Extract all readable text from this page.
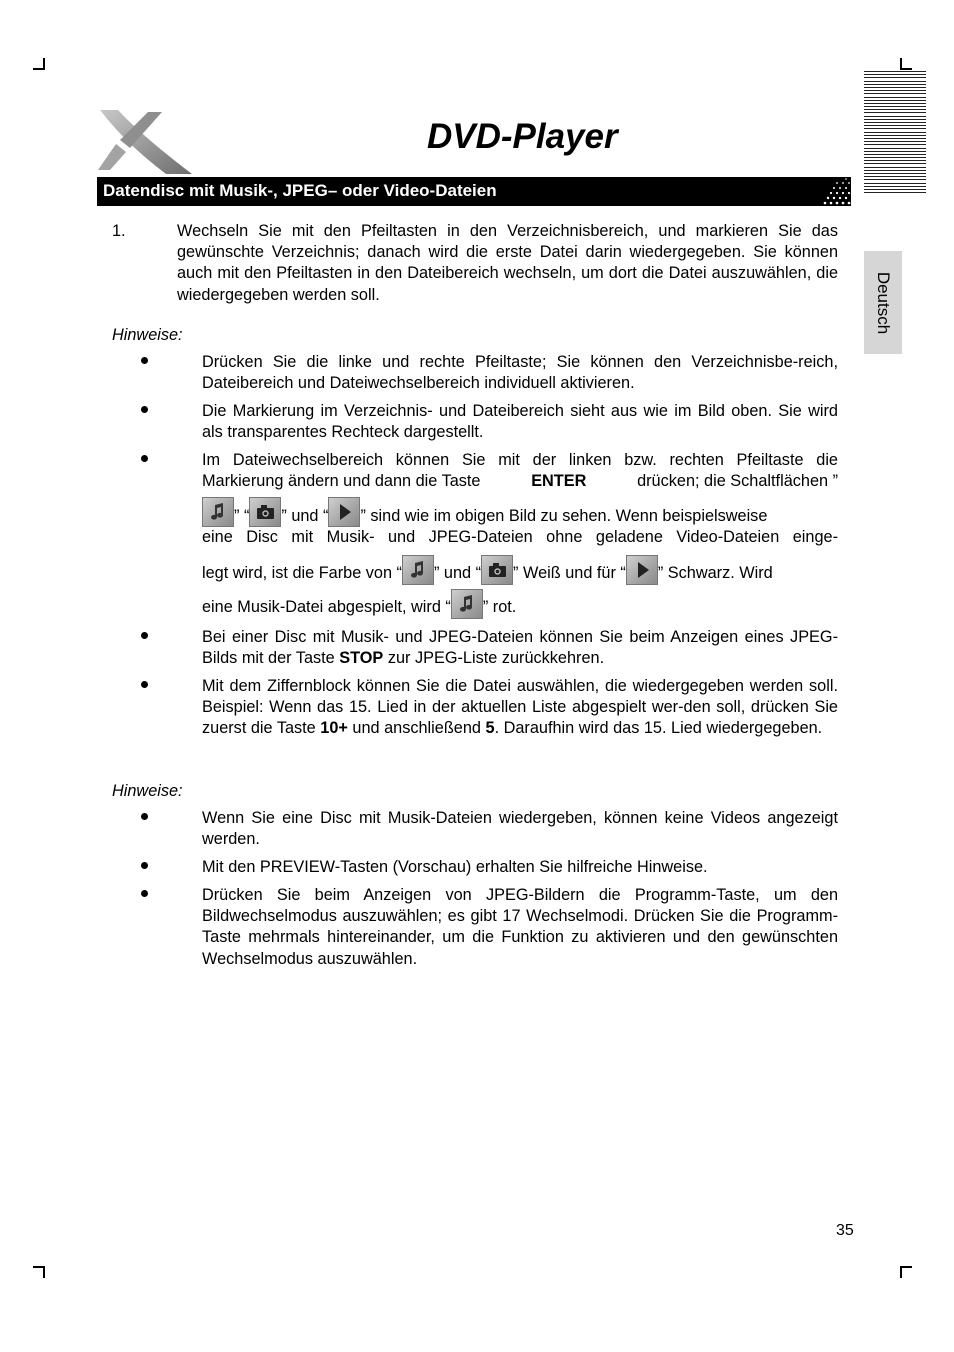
DVD-Player
Datendisc mit Musik-, JPEG– oder Video-Dateien
Deutsch
1.	Wechseln Sie mit den Pfeiltasten in den Verzeichnisbereich, und markieren Sie das gewünschte Verzeichnis; danach wird die erste Datei darin wiedergegeben. Sie können auch mit den Pfeiltasten in den Dateibereich wechseln, um dort die Datei auszuwählen, die wiedergegeben werden soll.
Hinweise:
Drücken Sie die linke und rechte Pfeiltaste; Sie können den Verzeichnisbe-reich, Dateibereich und Dateiwechselbereich individuell aktivieren.
Die Markierung im Verzeichnis- und Dateibereich sieht aus wie im Bild oben. Sie wird als transparentes Rechteck dargestellt.
Im Dateiwechselbereich können Sie mit der linken bzw. rechten Pfeiltaste die
Markierung ändern und dann die Taste	ENTER	drücken; die Schaltflächen ”
” “ ” und “ ” sind wie im obigen Bild zu sehen. Wenn beispielsweise
eine Disc mit Musik- und JPEG-Dateien ohne geladene Video-Dateien einge-
legt wird, ist die Farbe von “ ” und “ ” Weiß und für “ ” Schwarz. Wird
eine Musik-Datei abgespielt, wird “ ” rot.
Bei einer Disc mit Musik- und JPEG-Dateien können Sie beim Anzeigen eines JPEG-Bilds mit der Taste STOP zur JPEG-Liste zurückkehren.
Mit dem Ziffernblock können Sie die Datei auswählen, die wiedergegeben werden soll. Beispiel: Wenn das 15. Lied in der aktuellen Liste abgespielt wer-den soll, drücken Sie zuerst die Taste 10+ und anschließend 5. Daraufhin wird das 15. Lied wiedergegeben.
Hinweise:
Wenn Sie eine Disc mit Musik-Dateien wiedergeben, können keine Videos angezeigt werden.
Mit den PREVIEW-Tasten (Vorschau) erhalten Sie hilfreiche Hinweise.
Drücken Sie beim Anzeigen von JPEG-Bildern die Programm-Taste, um den Bildwechselmodus auszuwählen; es gibt 17 Wechselmodi. Drücken Sie die Programm-Taste mehrmals hintereinander, um die Funktion zu aktivieren und den gewünschten Wechselmodus auszuwählen.
35
